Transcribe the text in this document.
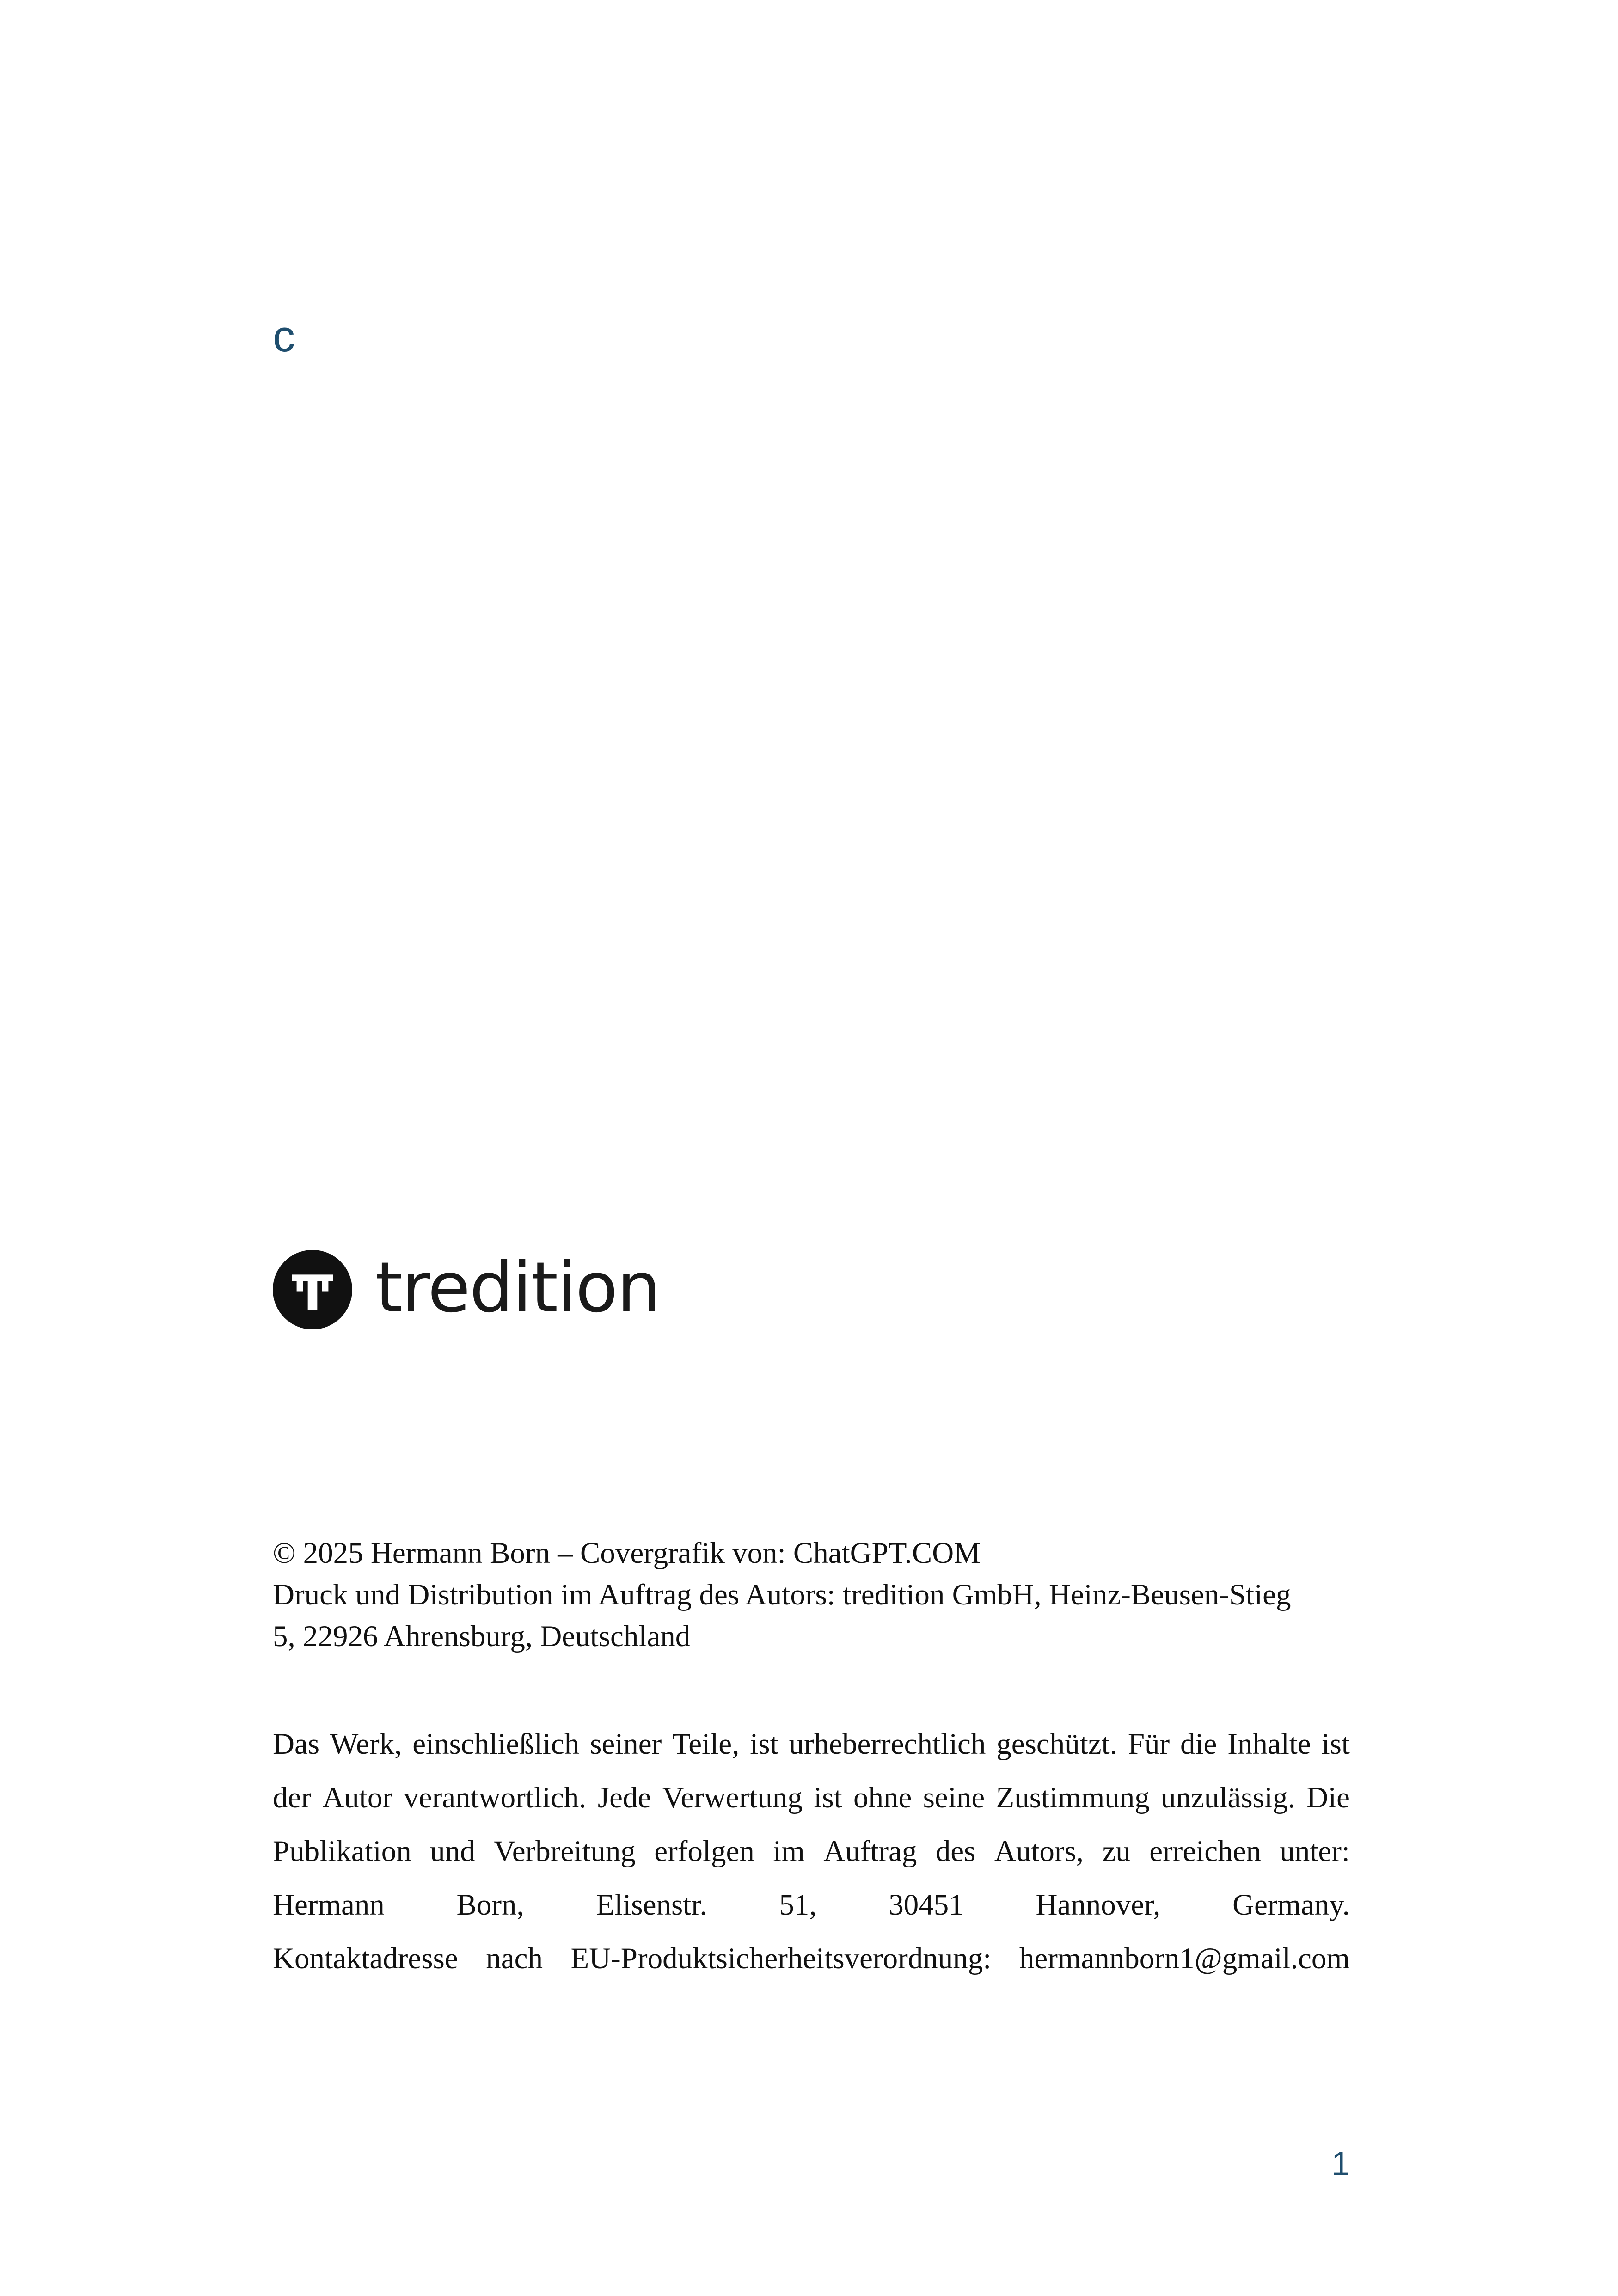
c
tredition
© 2025 Hermann Born – Covergrafik von: ChatGPT.COM
Druck und Distribution im Auftrag des Autors: tredition GmbH, Heinz-Beusen-Stieg
5, 22926 Ahrensburg, Deutschland
Das Werk, einschließlich seiner Teile, ist urheberrechtlich geschützt. Für die Inhalte ist
der Autor verantwortlich. Jede Verwertung ist ohne seine Zustimmung unzulässig. Die
Publikation und Verbreitung erfolgen im Auftrag des Autors, zu erreichen unter:
Hermann Born, Elisenstr. 51, 30451 Hannover, Germany.
Kontaktadresse nach EU-Produktsicherheitsverordnung: hermannborn1@gmail.com
1
